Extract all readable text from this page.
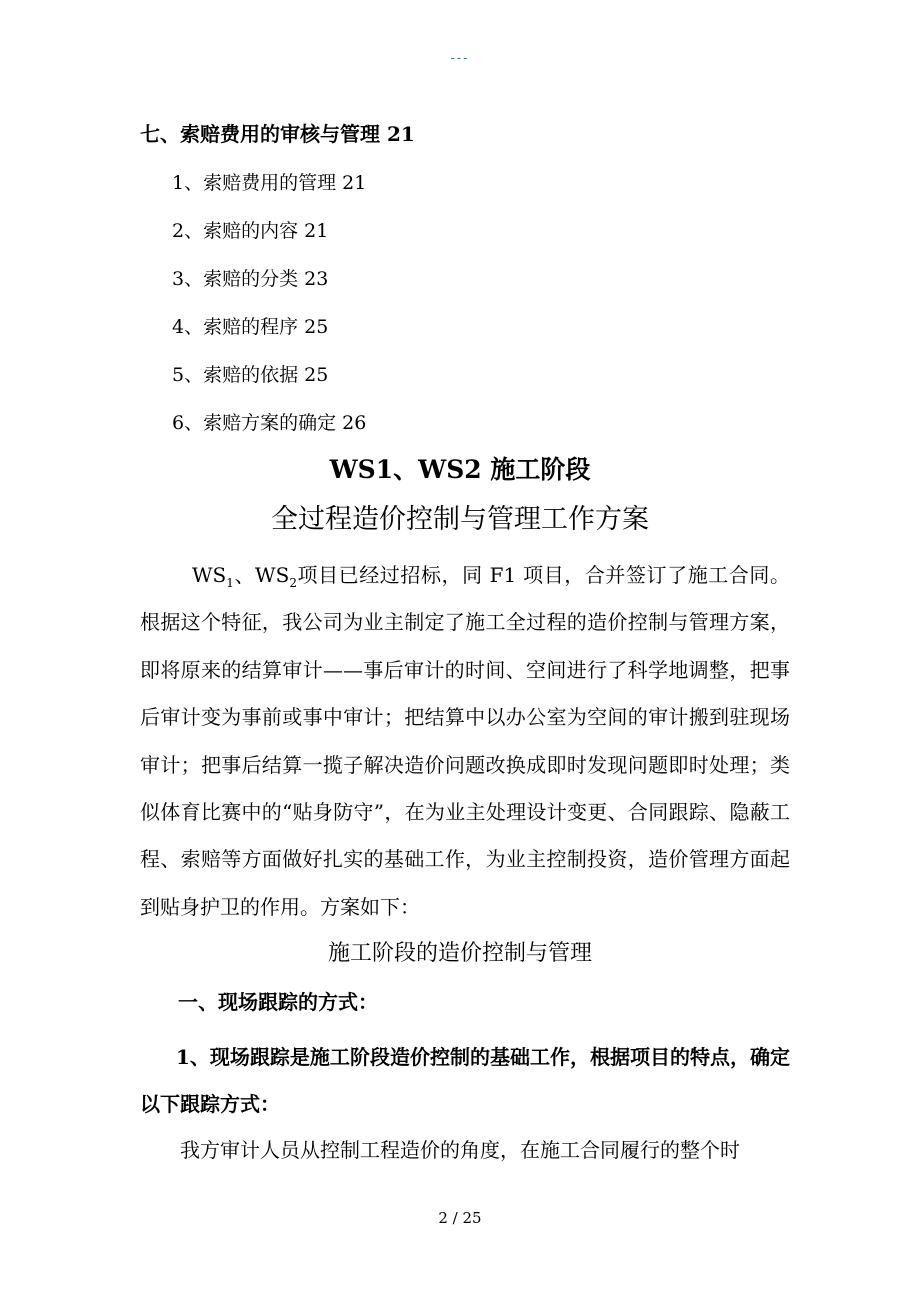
---
七、索赔费用的审核与管理 21
1、索赔费用的管理 21
2、索赔的内容 21
3、索赔的分类 23
4、索赔的程序 25
5、索赔的依据 25
6、索赔方案的确定 26
WS1、WS2 施工阶段
全过程造价控制与管理工作方案

$WS_1$、$WS_2$项目已经过招标，同 F1 项目，合并签订了施工合同。根据这个特征，我公司为业主制定了施工全过程的造价控制与管理方案，即将原来的结算审计——事后审计的时间、空间进行了科学地调整，把事后审计变为事前或事中审计；把结算中以办公室为空间的审计搬到驻现场审计；把事后结算一揽子解决造价问题改换成即时发现问题即时处理；类似体育比赛中的“贴身防守”，在为业主处理设计变更、合同跟踪、隐蔽工程、索赔等方面做好扎实的基础工作，为业主控制投资，造价管理方面起到贴身护卫的作用。方案如下：

施工阶段的造价控制与管理
一、现场跟踪的方式：

1、现场跟踪是施工阶段造价控制的基础工作，根据项目的特点，确定以下跟踪方式：

我方审计人员从控制工程造价的角度，在施工合同履行的整个时

2 / 25
